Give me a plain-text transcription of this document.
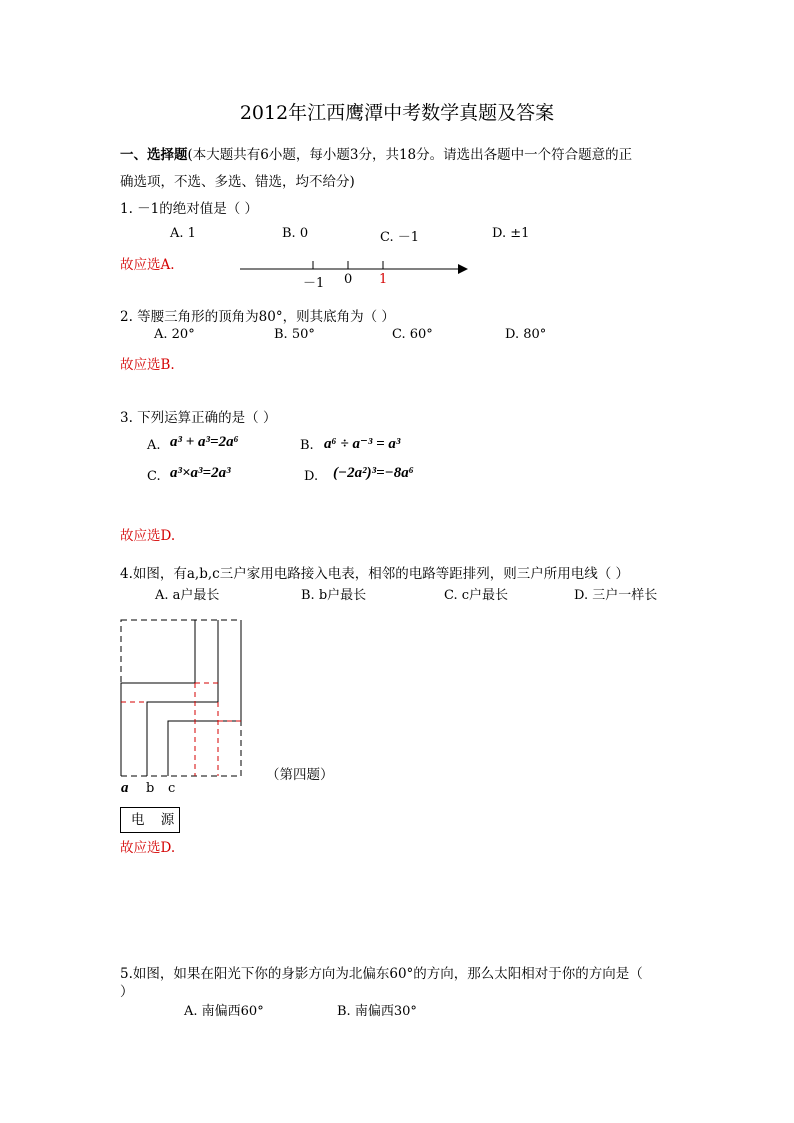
2012年江西鹰潭中考数学真题及答案
一、选择题(本大题共有6小题，每小题3分，共18分。请选出各题中一个符合题意的正
确选项，不选、多选、错选，均不给分)
1. －1的绝对值是（ ）
A. 1	B. 0	C. －1	D. ±1
故应选A.
－1 0 1
2. 等腰三角形的顶角为80°，则其底角为（ ）
A. 20°	B. 50°	C. 60°	D. 80°
故应选B.
3. 下列运算正确的是（ ）
A. a³ + a³=2a⁶	B. a⁶ ÷ a⁻³ = a³
C. a³×a³=2a³	D. (−2a²)³=−8a⁶
故应选D.
4.如图，有a,b,c三户家用电路接入电表，相邻的电路等距排列，则三户所用电线（ ）
A. a户最长	B. b户最长	C. c户最长	D. 三户一样长
（第四题）
a b c
故应选D.
电 源
5.如图，如果在阳光下你的身影方向为北偏东60°的方向，那么太阳相对于你的方向是（
）
A. 南偏西60°	B. 南偏西30°
